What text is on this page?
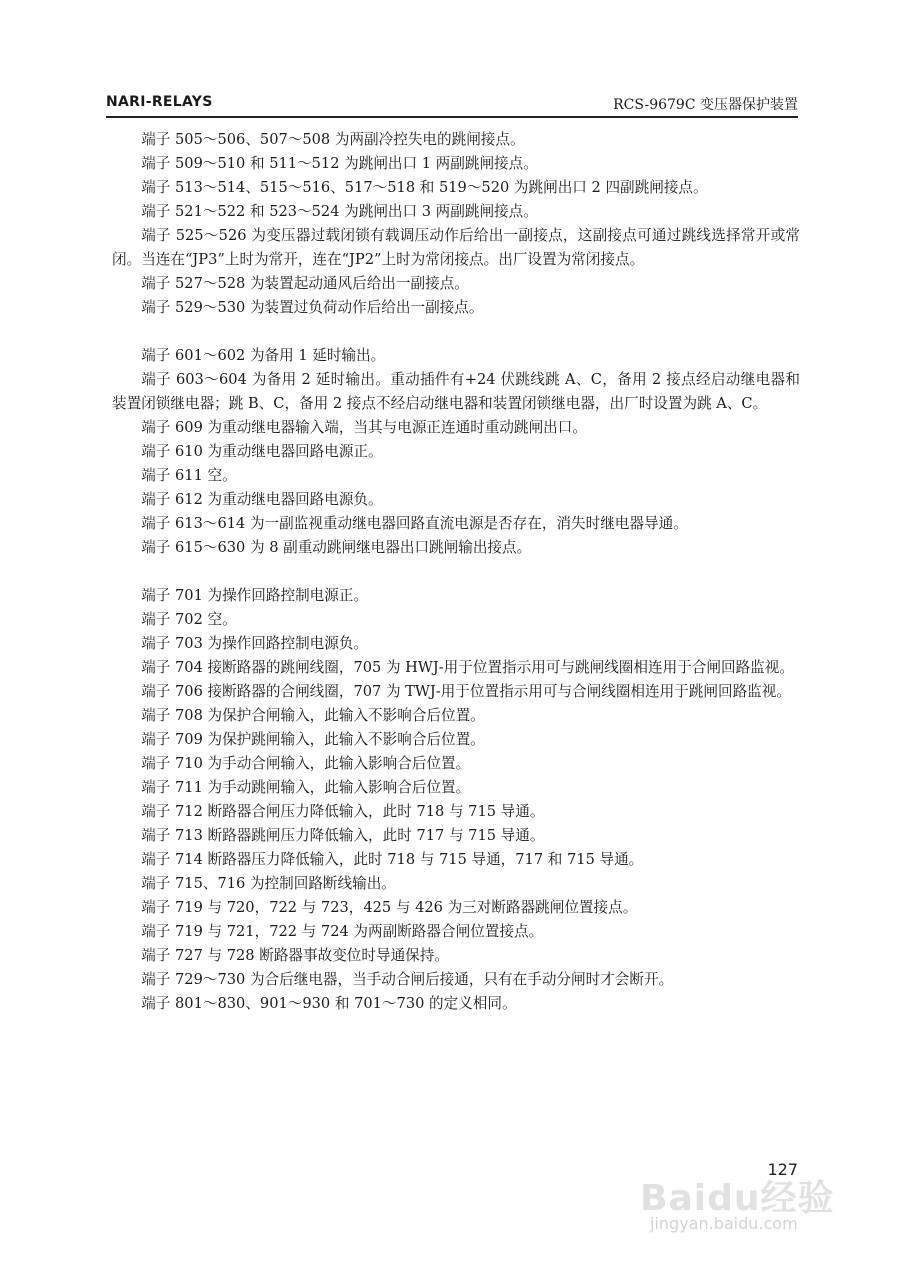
NARI-RELAYS	RCS-9679C 变压器保护装置

端子 505～506、507～508 为两副冷控失电的跳闸接点。

端子 509～510 和 511～512 为跳闸出口 1 两副跳闸接点。

端子 513～514、515～516、517～518 和 519～520 为跳闸出口 2 四副跳闸接点。

端子 521～522 和 523～524 为跳闸出口 3 两副跳闸接点。

端子 525～526 为变压器过载闭锁有载调压动作后给出一副接点，这副接点可通过跳线选择常开或常闭。当连在“JP3”上时为常开，连在“JP2”上时为常闭接点。出厂设置为常闭接点。

端子 527～528 为装置起动通风后给出一副接点。

端子 529～530 为装置过负荷动作后给出一副接点。

端子 601～602 为备用 1 延时输出。

端子 603～604 为备用 2 延时输出。重动插件有+24 伏跳线跳 A、C，备用 2 接点经启动继电器和装置闭锁继电器；跳 B、C，备用 2 接点不经启动继电器和装置闭锁继电器，出厂时设置为跳 A、C。

端子 609 为重动继电器输入端，当其与电源正连通时重动跳闸出口。

端子 610 为重动继电器回路电源正。

端子 611 空。

端子 612 为重动继电器回路电源负。

端子 613～614 为一副监视重动继电器回路直流电源是否存在，消失时继电器导通。

端子 615～630 为 8 副重动跳闸继电器出口跳闸输出接点。

端子 701 为操作回路控制电源正。

端子 702 空。

端子 703 为操作回路控制电源负。

端子 704 接断路器的跳闸线圈，705 为 HWJ-用于位置指示用可与跳闸线圈相连用于合闸回路监视。

端子 706 接断路器的合闸线圈，707 为 TWJ-用于位置指示用可与合闸线圈相连用于跳闸回路监视。

端子 708 为保护合闸输入，此输入不影响合后位置。

端子 709 为保护跳闸输入，此输入不影响合后位置。

端子 710 为手动合闸输入，此输入影响合后位置。

端子 711 为手动跳闸输入，此输入影响合后位置。

端子 712 断路器合闸压力降低输入，此时 718 与 715 导通。

端子 713 断路器跳闸压力降低输入，此时 717 与 715 导通。

端子 714 断路器压力降低输入，此时 718 与 715 导通，717 和 715 导通。

端子 715、716 为控制回路断线输出。

端子 719 与 720，722 与 723，425 与 426 为三对断路器跳闸位置接点。

端子 719 与 721，722 与 724 为两副断路器合闸位置接点。

端子 727 与 728 断路器事故变位时导通保持。

端子 729～730 为合后继电器，当手动合闸后接通，只有在手动分闸时才会断开。

端子 801～830、901～930 和 701～730 的定义相同。

127
Baidu经验
jingyan.baidu.com
